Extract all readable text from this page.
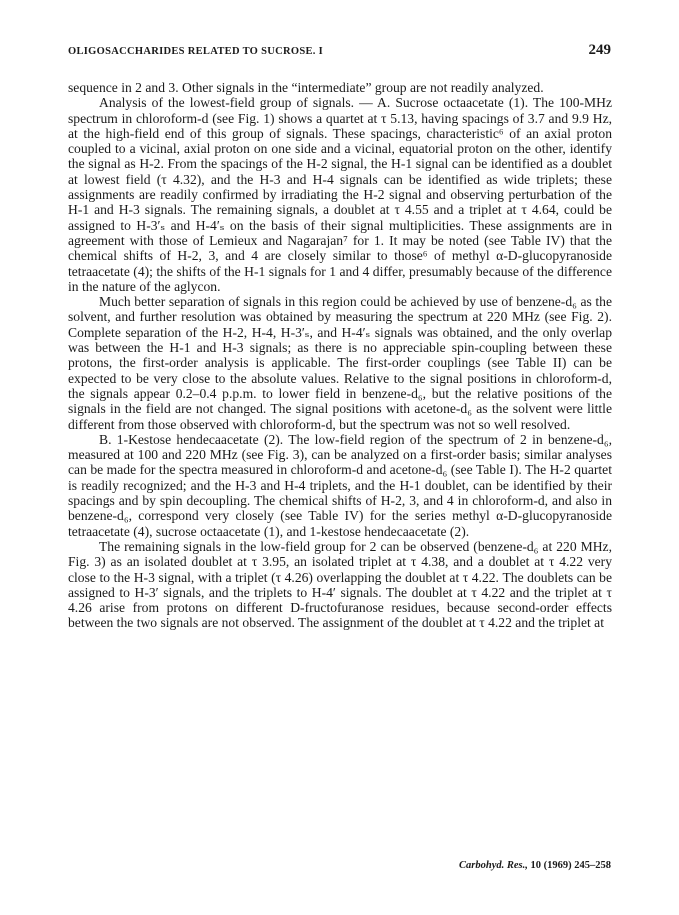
OLIGOSACCHARIDES RELATED TO SUCROSE. I	249

sequence in 2 and 3. Other signals in the “intermediate” group are not readily analyzed.

Analysis of the lowest-field group of signals. — A. Sucrose octaacetate (1). The 100-MHz spectrum in chloroform-d (see Fig. 1) shows a quartet at τ 5.13, having spacings of 3.7 and 9.9 Hz, at the high-field end of this group of signals. These spacings, characteristic⁶ of an axial proton coupled to a vicinal, axial proton on one side and a vicinal, equatorial proton on the other, identify the signal as H-2. From the spacings of the H-2 signal, the H-1 signal can be identified as a doublet at lowest field (τ 4.32), and the H-3 and H-4 signals can be identified as wide triplets; these assignments are readily confirmed by irradiating the H-2 signal and observing perturbation of the H-1 and H-3 signals. The remaining signals, a doublet at τ 4.55 and a triplet at τ 4.64, could be assigned to H-3′ₛ and H-4′ₛ on the basis of their signal multiplicities. These assignments are in agreement with those of Lemieux and Nagarajan⁷ for 1. It may be noted (see Table IV) that the chemical shifts of H-2, 3, and 4 are closely similar to those⁶ of methyl α-D-glucopyranoside tetraacetate (4); the shifts of the H-1 signals for 1 and 4 differ, presumably because of the difference in the nature of the aglycon.

Much better separation of signals in this region could be achieved by use of benzene-d₆ as the solvent, and further resolution was obtained by measuring the spectrum at 220 MHz (see Fig. 2). Complete separation of the H-2, H-4, H-3′ₛ, and H-4′ₛ signals was obtained, and the only overlap was between the H-1 and H-3 signals; as there is no appreciable spin-coupling between these protons, the first-order analysis is applicable. The first-order couplings (see Table II) can be expected to be very close to the absolute values. Relative to the signal positions in chloroform-d, the signals appear 0.2–0.4 p.p.m. to lower field in benzene-d₆, but the relative positions of the signals in the field are not changed. The signal positions with acetone-d₆ as the solvent were little different from those observed with chloroform-d, but the spectrum was not so well resolved.

B. 1-Kestose hendecaacetate (2). The low-field region of the spectrum of 2 in benzene-d₆, measured at 100 and 220 MHz (see Fig. 3), can be analyzed on a first-order basis; similar analyses can be made for the spectra measured in chloroform-d and acetone-d₆ (see Table I). The H-2 quartet is readily recognized; and the H-3 and H-4 triplets, and the H-1 doublet, can be identified by their spacings and by spin decoupling. The chemical shifts of H-2, 3, and 4 in chloroform-d, and also in benzene-d₆, correspond very closely (see Table IV) for the series methyl α-D-glucopyranoside tetraacetate (4), sucrose octaacetate (1), and 1-kestose hendecaacetate (2).

The remaining signals in the low-field group for 2 can be observed (benzene-d₆ at 220 MHz, Fig. 3) as an isolated doublet at τ 3.95, an isolated triplet at τ 4.38, and a doublet at τ 4.22 very close to the H-3 signal, with a triplet (τ 4.26) overlapping the doublet at τ 4.22. The doublets can be assigned to H-3′ signals, and the triplets to H-4′ signals. The doublet at τ 4.22 and the triplet at τ 4.26 arise from protons on different D-fructofuranose residues, because second-order effects between the two signals are not observed. The assignment of the doublet at τ 4.22 and the triplet at

Carbohyd. Res., 10 (1969) 245–258
